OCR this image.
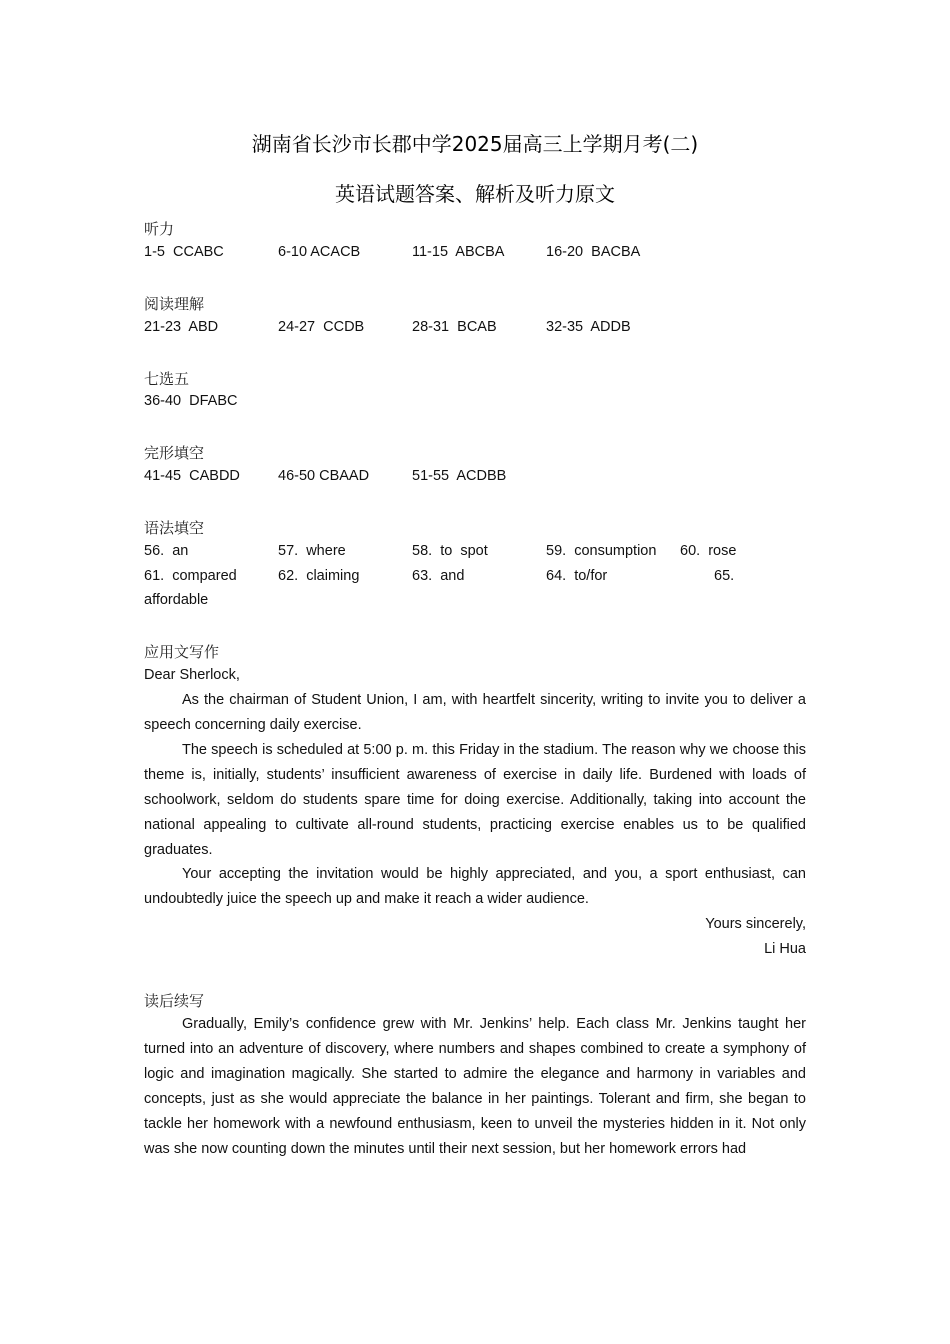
湖南省长沙市长郡中学2025届高三上学期月考(二)
英语试题答案、解析及听力原文
听力
1-5  CCABC	6-10 ACACB	11-15  ABCBA	16-20  BACBA
阅读理解
21-23  ABD	24-27  CCDB	28-31  BCAB	32-35  ADDB
七选五
36-40  DFABC
完形填空
41-45  CABDD	46-50 CBAAD	51-55  ACDBB
语法填空
56.  an	57.  where	58.  to  spot	59.  consumption 60.  rose
61.  compared	62.  claiming	63.  and	64.  to/for	65.
affordable
应用文写作
Dear Sherlock,
As the chairman of Student Union, I am, with heartfelt sincerity, writing to invite you to deliver a speech concerning daily exercise.
The speech is scheduled at 5:00 p. m. this Friday in the stadium. The reason why we choose this theme is, initially, students’ insufficient awareness of exercise in daily life. Burdened with loads of schoolwork, seldom do students spare time for doing exercise. Additionally, taking into account the national appealing to cultivate all-round students, practicing exercise enables us to be qualified graduates.
Your accepting the invitation would be highly appreciated, and you, a sport enthusiast, can undoubtedly juice the speech up and make it reach a wider audience.
Yours sincerely,
Li Hua
读后续写
Gradually, Emily’s confidence grew with Mr. Jenkins’ help. Each class Mr. Jenkins taught her turned into an adventure of discovery, where numbers and shapes combined to create a symphony of logic and imagination magically. She started to admire the elegance and harmony in variables and concepts, just as she would appreciate the balance in her paintings. Tolerant and firm, she began to tackle her homework with a newfound enthusiasm, keen to unveil the mysteries hidden in it. Not only was she now counting down the minutes until their next session, but her homework errors had
